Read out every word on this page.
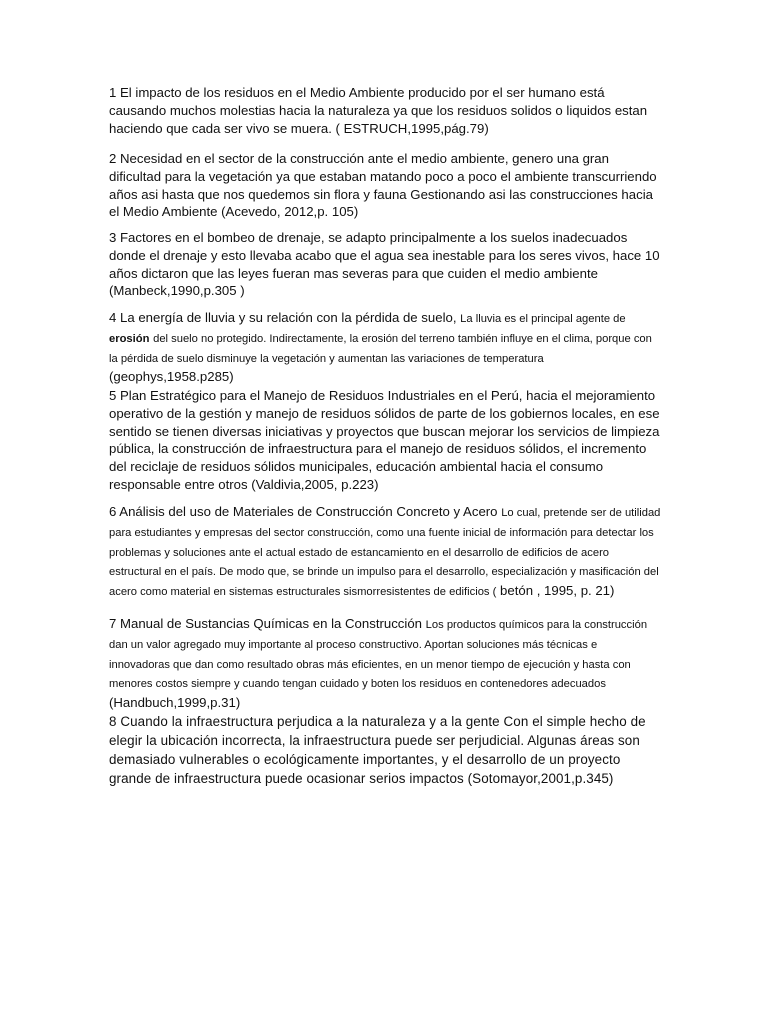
1 El impacto de los residuos en el Medio Ambiente producido por el ser humano está causando muchos molestias hacia la naturaleza ya que los residuos solidos o liquidos estan haciendo que cada ser vivo se muera. ( ESTRUCH,1995,pág.79)

2 Necesidad en el sector de la construcción ante el medio ambiente, genero una gran dificultad para la vegetación ya que estaban matando poco a poco el ambiente transcurriendo años asi hasta que nos quedemos sin flora y fauna Gestionando asi las construcciones hacia el Medio Ambiente (Acevedo, 2012,p. 105)

3 Factores en el bombeo de drenaje, se adapto principalmente a los suelos inadecuados donde el drenaje y esto llevaba acabo que el agua sea inestable para los seres vivos, hace 10 años dictaron que las leyes fueran mas severas para que cuiden el medio ambiente (Manbeck,1990,p.305 )

4 La energía de lluvia y su relación con la pérdida de suelo, La lluvia es el principal agente de erosión del suelo no protegido. Indirectamente, la erosión del terreno también influye en el clima, porque con la pérdida de suelo disminuye la vegetación y aumentan las variaciones de temperatura (geophys,1958.p285)

5 Plan Estratégico para el Manejo de Residuos Industriales en el Perú, hacia el mejoramiento operativo de la gestión y manejo de residuos sólidos de parte de los gobiernos locales, en ese sentido se tienen diversas iniciativas y proyectos que buscan mejorar los servicios de limpieza pública, la construcción de infraestructura para el manejo de residuos sólidos, el incremento del reciclaje de residuos sólidos municipales, educación ambiental hacia el consumo responsable entre otros (Valdivia,2005, p.223)

6 Análisis del uso de Materiales de Construcción Concreto y Acero Lo cual, pretende ser de utilidad para estudiantes y empresas del sector construcción, como una fuente inicial de información para detectar los problemas y soluciones ante el actual estado de estancamiento en el desarrollo de edificios de acero estructural en el país. De modo que, se brinde un impulso para el desarrollo, especialización y masificación del acero como material en sistemas estructurales sismorresistentes de edificios ( betón , 1995, p. 21)

7 Manual de Sustancias Químicas en la Construcción Los productos químicos para la construcción dan un valor agregado muy importante al proceso constructivo. Aportan soluciones más técnicas e innovadoras que dan como resultado obras más eficientes, en un menor tiempo de ejecución y hasta con menores costos siempre y cuando tengan cuidado y boten los residuos en contenedores adecuados (Handbuch,1999,p.31)

8 Cuando la infraestructura perjudica a la naturaleza y a la gente Con el simple hecho de elegir la ubicación incorrecta, la infraestructura puede ser perjudicial. Algunas áreas son demasiado vulnerables o ecológicamente importantes, y el desarrollo de un proyecto grande de infraestructura puede ocasionar serios impactos (Sotomayor,2001,p.345)
